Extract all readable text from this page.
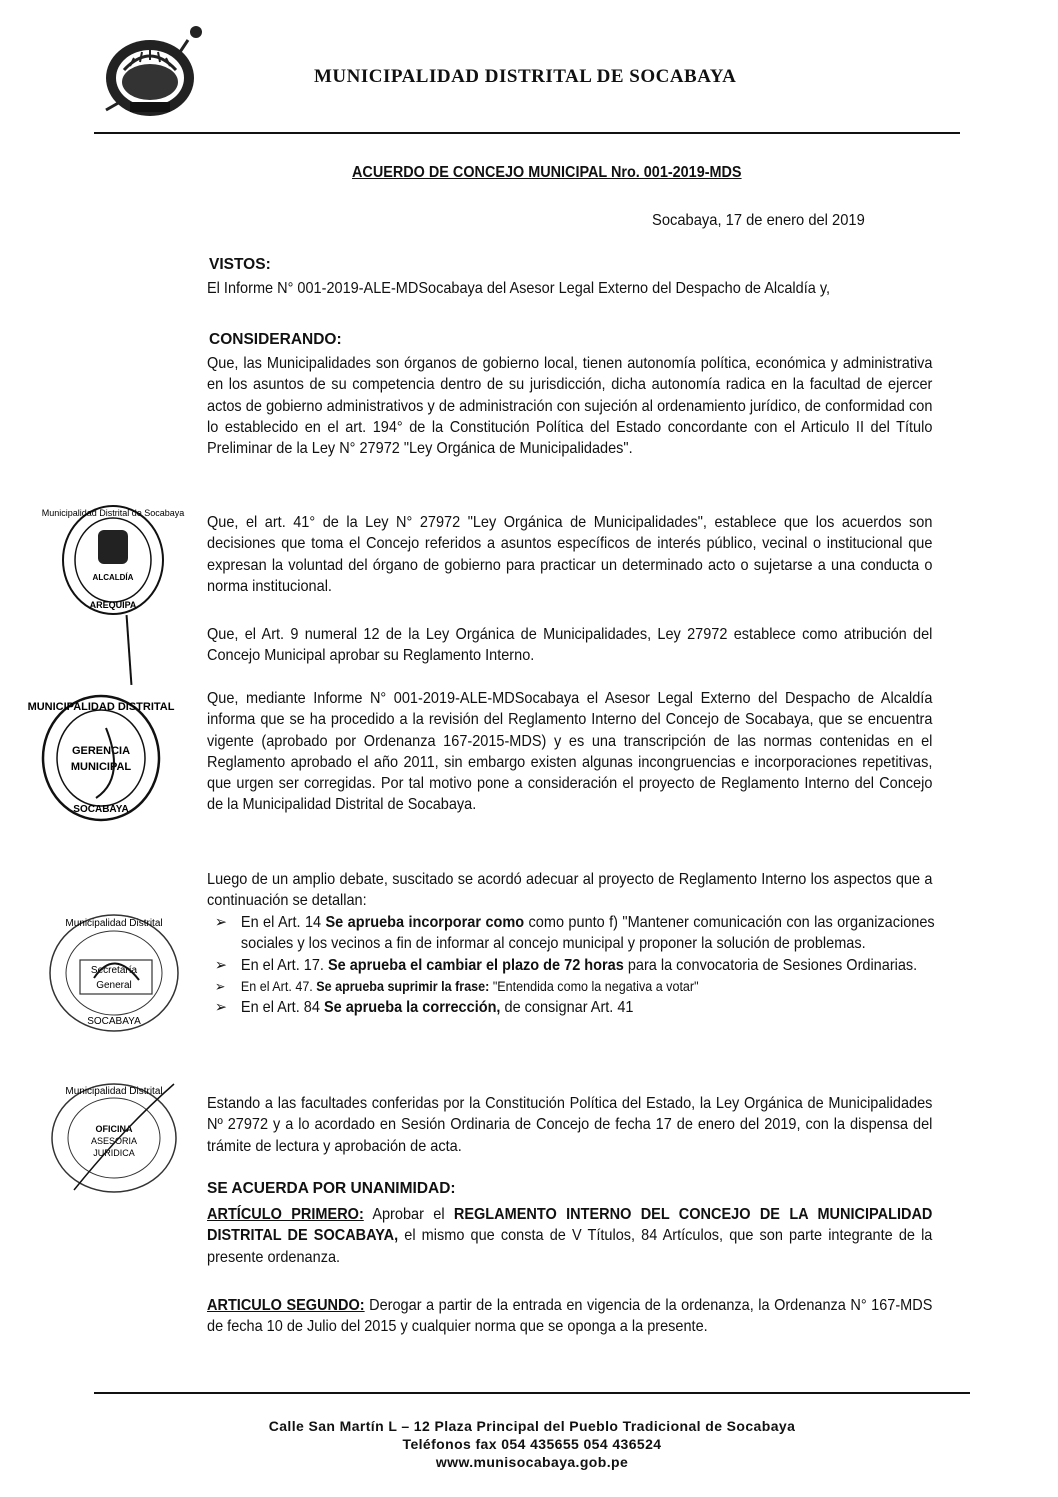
MUNICIPALIDAD DISTRITAL DE SOCABAYA
ACUERDO DE CONCEJO MUNICIPAL Nro. 001-2019-MDS
Socabaya, 17 de enero del 2019
VISTOS:
El Informe N° 001-2019-ALE-MDSocabaya del Asesor Legal Externo del Despacho de Alcaldía y,
CONSIDERANDO:
Que, las Municipalidades son órganos de gobierno local, tienen autonomía política, económica y administrativa en los asuntos de su competencia dentro de su jurisdicción, dicha autonomía radica en la facultad de ejercer actos de gobierno administrativos y de administración con sujeción al ordenamiento jurídico, de conformidad con lo establecido en el art. 194° de la Constitución Política del Estado concordante con el Articulo II del Título Preliminar de la Ley N° 27972 "Ley Orgánica de Municipalidades".
Que, el art. 41° de la Ley N° 27972 "Ley Orgánica de Municipalidades", establece que los acuerdos son decisiones que toma el Concejo referidos a asuntos específicos de interés público, vecinal o institucional que expresan la voluntad del órgano de gobierno para practicar un determinado acto o sujetarse a una conducta o norma institucional.
Que, el Art. 9 numeral 12 de la Ley Orgánica de Municipalidades, Ley 27972 establece como atribución del Concejo Municipal aprobar su Reglamento Interno.
Que, mediante Informe N° 001-2019-ALE-MDSocabaya el Asesor Legal Externo del Despacho de Alcaldía informa que se ha procedido a la revisión del Reglamento Interno del Concejo de Socabaya, que se encuentra vigente (aprobado por Ordenanza 167-2015-MDS) y es una transcripción de las normas contenidas en el Reglamento aprobado el año 2011, sin embargo existen algunas incongruencias e incorporaciones repetitivas, que urgen ser corregidas. Por tal motivo pone a consideración el proyecto de Reglamento Interno del Concejo de la Municipalidad Distrital de Socabaya.
Luego de un amplio debate, suscitado se acordó adecuar al proyecto de Reglamento Interno los aspectos que a continuación se detallan:
➢ En el Art. 14 Se aprueba incorporar como como punto f) "Mantener comunicación con las organizaciones sociales y los vecinos a fin de informar al concejo municipal y proponer la solución de problemas.
➢ En el Art. 17. Se aprueba el cambiar el plazo de 72 horas para la convocatoria de Sesiones Ordinarias.
➢ En el Art. 47. Se aprueba suprimir la frase: "Entendida como la negativa a votar"
➢ En el Art. 84 Se aprueba la corrección, de consignar Art. 41
Estando a las facultades conferidas por la Constitución Política del Estado, la Ley Orgánica de Municipalidades Nº 27972 y a lo acordado en Sesión Ordinaria de Concejo de fecha 17 de enero del 2019, con la dispensa del trámite de lectura y aprobación de acta.
SE ACUERDA POR UNANIMIDAD:
ARTÍCULO PRIMERO: Aprobar el REGLAMENTO INTERNO DEL CONCEJO DE LA MUNICIPALIDAD DISTRITAL DE SOCABAYA, el mismo que consta de V Títulos, 84 Artículos, que son parte integrante de la presente ordenanza.
ARTICULO SEGUNDO: Derogar a partir de la entrada en vigencia de la ordenanza, la Ordenanza N° 167-MDS de fecha 10 de Julio del 2015 y cualquier norma que se oponga a la presente.
Municipalidad Distrital de Socabaya
ALCALDÍA
AREQUIPA
MUNICIPALIDAD DISTRITAL
GERENCIA
MUNICIPAL
SOCABAYA
Municipalidad Distrital
Secretaría
General
SOCABAYA
Municipalidad Distrital
OFICINA
ASESORIA
JURIDICA
Calle San Martín L – 12 Plaza Principal del Pueblo Tradicional de Socabaya
Teléfonos fax 054 435655 054 436524
www.munisocabaya.gob.pe
